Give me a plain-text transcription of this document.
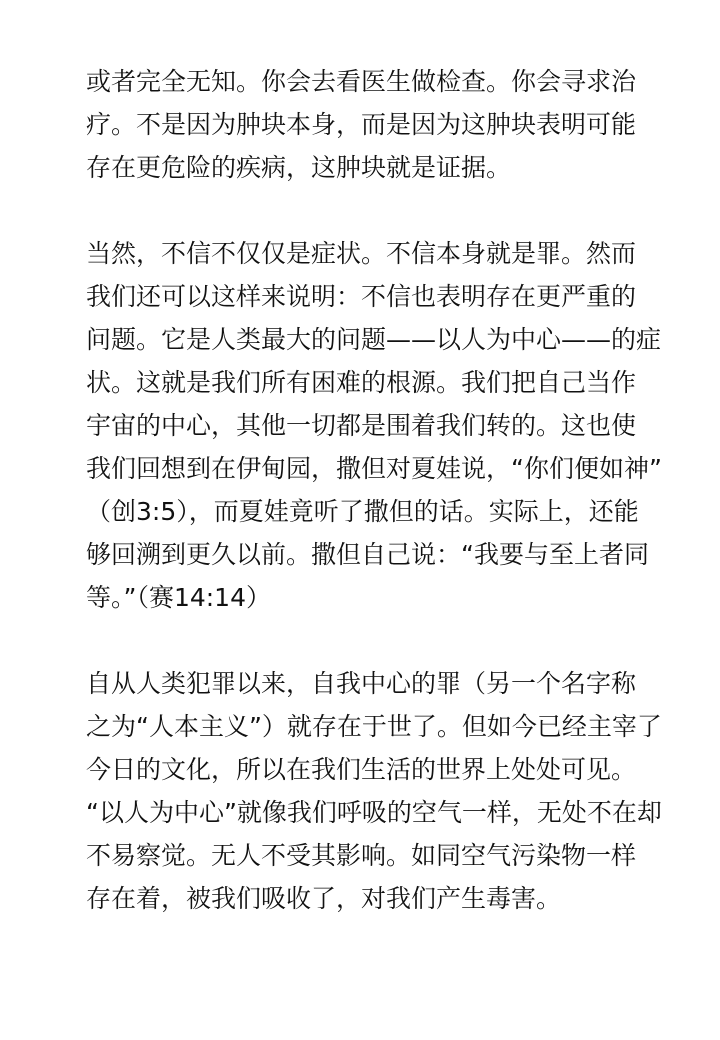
或者完全无知。你会去看医生做检查。你会寻求治
疗。不是因为肿块本身，而是因为这肿块表明可能
存在更危险的疾病，这肿块就是证据。
当然，不信不仅仅是症状。不信本身就是罪。然而
我们还可以这样来说明：不信也表明存在更严重的
问题。它是人类最大的问题——以人为中心——的症
状。这就是我们所有困难的根源。我们把自己当作
宇宙的中心，其他一切都是围着我们转的。这也使
我们回想到在伊甸园，撒但对夏娃说，“你们便如神”
（创3:5），而夏娃竟听了撒但的话。实际上，还能
够回溯到更久以前。撒但自己说：“我要与至上者同
等。”（赛14:14）
自从人类犯罪以来，自我中心的罪（另一个名字称
之为“人本主义”）就存在于世了。但如今已经主宰了
今日的文化，所以在我们生活的世界上处处可见。
“以人为中心”就像我们呼吸的空气一样，无处不在却
不易察觉。无人不受其影响。如同空气污染物一样
存在着，被我们吸收了，对我们产生毒害。
